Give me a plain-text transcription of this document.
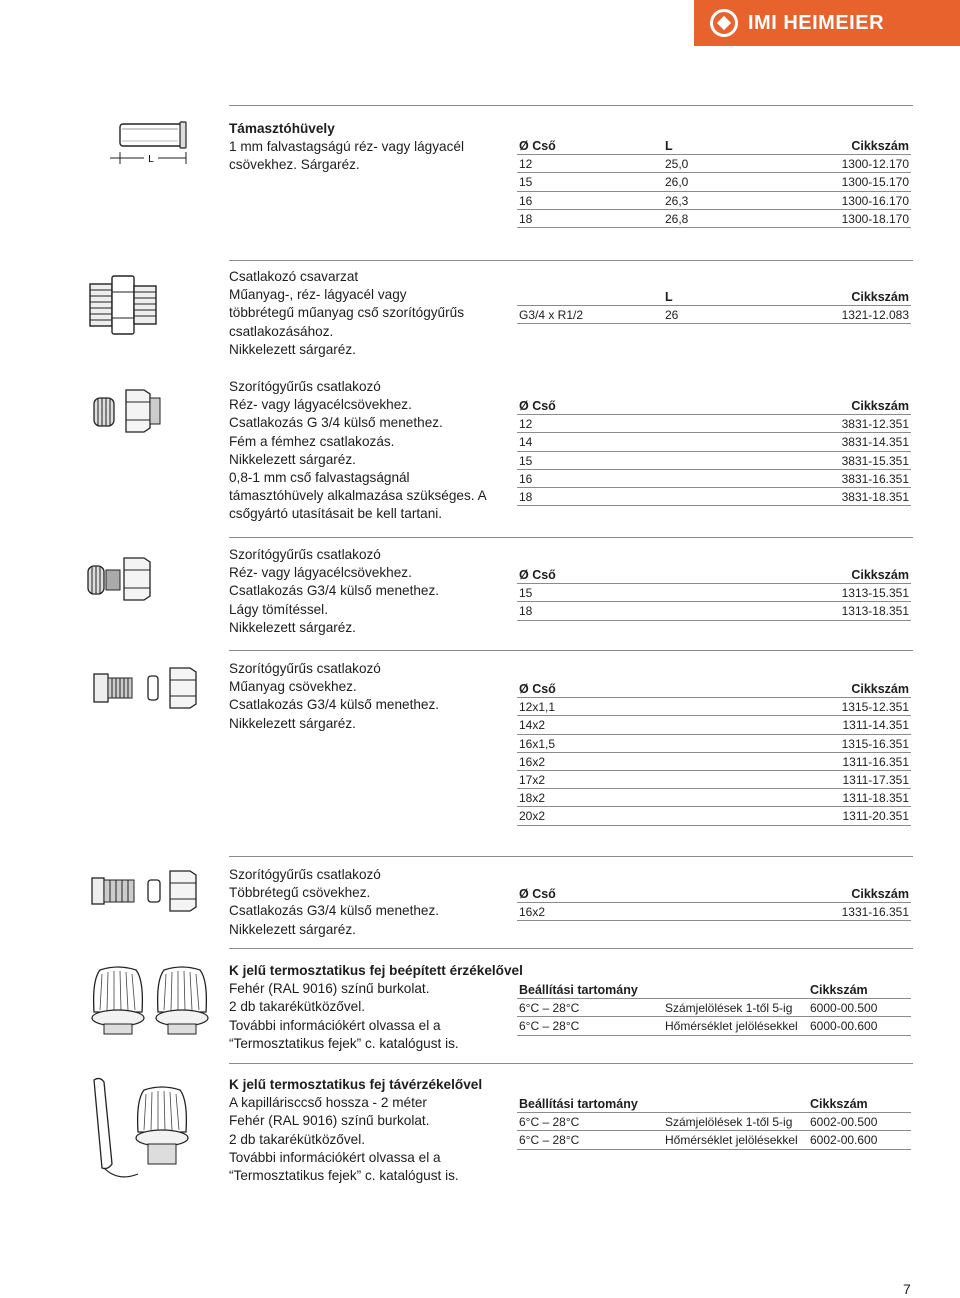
IMI HEIMEIER
L
Támasztóhüvely
1 mm falvastagságú réz- vagy lágyacél
csövekhez. Sárgaréz.
Ø Cső	L	Cikkszám
12	25,0	1300-12.170
15	26,0	1300-15.170
16	26,3	1300-16.170
18	26,8	1300-18.170
Csatlakozó csavarzat
Műanyag-, réz- lágyacél vagy
többrétegű műanyag cső szorítógyűrűs
csatlakozásához.
Nikkelezett sárgaréz.
L	Cikkszám
G3/4 x R1/2	26	1321-12.083
Szorítógyűrűs csatlakozó
Réz- vagy lágyacélcsövekhez.
Csatlakozás G 3/4 külső menethez.
Fém a fémhez csatlakozás.
Nikkelezett sárgaréz.
0,8-1 mm cső falvastagságnál
támasztóhüvely alkalmazása szükséges. A
csőgyártó utasításait be kell tartani.
Ø Cső	Cikkszám
12	3831-12.351
14	3831-14.351
15	3831-15.351
16	3831-16.351
18	3831-18.351
Szorítógyűrűs csatlakozó
Réz- vagy lágyacélcsövekhez.
Csatlakozás G3/4 külső menethez.
Lágy tömítéssel.
Nikkelezett sárgaréz.
Ø Cső	Cikkszám
15	1313-15.351
18	1313-18.351
Szorítógyűrűs csatlakozó
Műanyag csövekhez.
Csatlakozás G3/4 külső menethez.
Nikkelezett sárgaréz.
Ø Cső	Cikkszám
12x1,1	1315-12.351
14x2	1311-14.351
16x1,5	1315-16.351
16x2	1311-16.351
17x2	1311-17.351
18x2	1311-18.351
20x2	1311-20.351
Szorítógyűrűs csatlakozó
Többrétegű csövekhez.
Csatlakozás G3/4 külső menethez.
Nikkelezett sárgaréz.
Ø Cső	Cikkszám
16x2	1331-16.351
K jelű termosztatikus fej beépített érzékelővel
Fehér (RAL 9016) színű burkolat.
2 db takarékütközővel.
További információkért olvassa el a
“Termosztatikus fejek” c. katalógust is.
Beállítási tartomány	Cikkszám
6°C – 28°C	Számjelölések 1-től 5-ig 6000-00.500
6°C – 28°C	Hőmérséklet jelölésekkel 6000-00.600
K jelű termosztatikus fej távérzékelővel
A kapillárisccső hossza - 2 méter
Fehér (RAL 9016) színű burkolat.
2 db takarékütközővel.
További információkért olvassa el a
“Termosztatikus fejek” c. katalógust is.
Beállítási tartomány	Cikkszám
6°C – 28°C	Számjelölések 1-től 5-ig 6002-00.500
6°C – 28°C	Hőmérséklet jelölésekkel 6002-00.600
7
